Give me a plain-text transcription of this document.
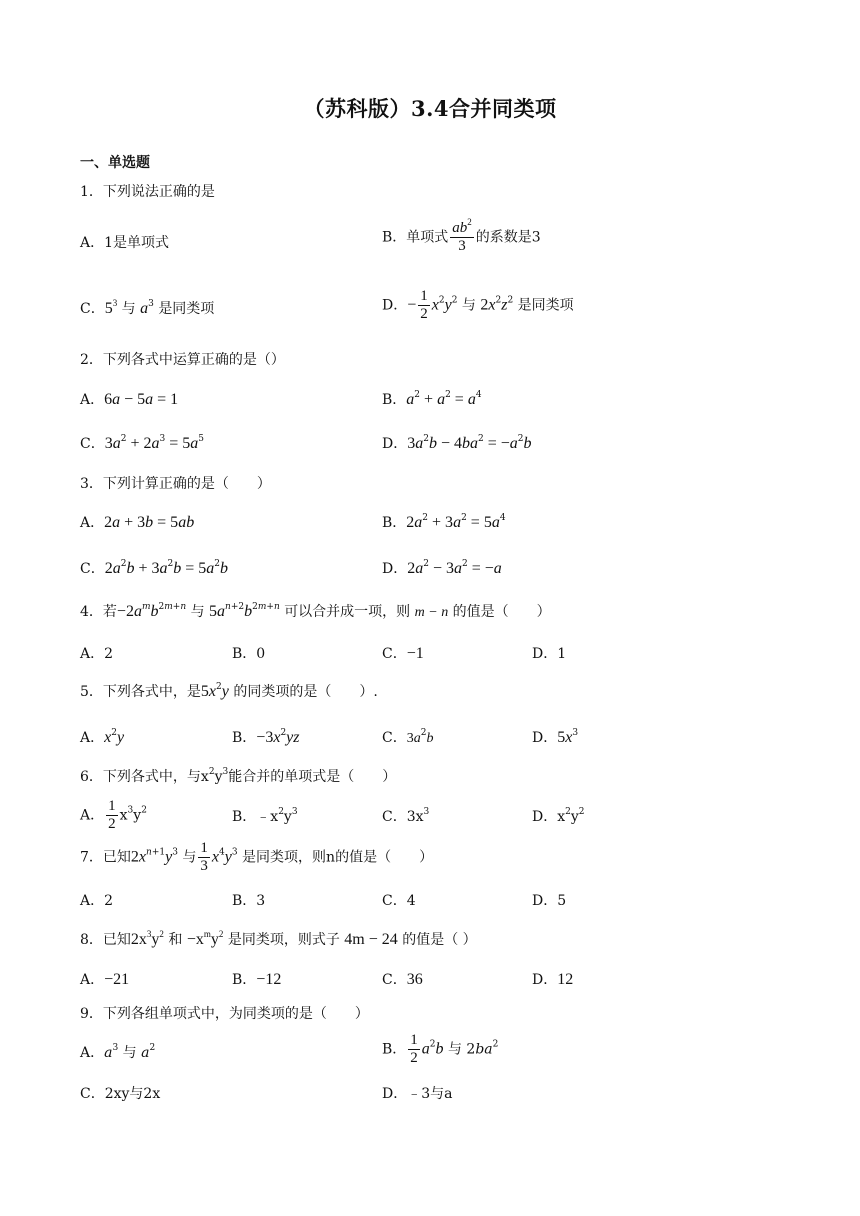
（苏科版）3.4合并同类项
一、单选题
1．下列说法正确的是
A．1是单项式	B．单项式 $\frac{ab^2}{3}$ 的系数是3
C．$5^3$ 与 $a^3$ 是同类项	D．− $\frac{1}{2} x^2y^2$ 与 $2x^2z^2$ 是同类项
2．下列各式中运算正确的是（）
A．6a − 5a = 1	B．$a^2 + a^2 = a^4$
C．$3a^2 + 2a^3 = 5a^5$	D．$3a^2b - 4ba^2 = -a^2b$
3．下列计算正确的是（　　）
A．2a + 3b = 5ab	B．$2a^2 + 3a^2 = 5a^4$
C．$2a^2b + 3a^2b = 5a^2b$	D．$2a^2 - 3a^2 = -a$
4．若$-2a^mb^{2m+n}$ 与 $5a^{n+2}b^{2m+n}$ 可以合并成一项，则 m − n 的值是（　　）
A．2	B．0	C．−1	D．1
5．下列各式中，是$5x^2y$ 的同类项的是（　　）.
A．$x^2y$	B．$-3x^2yz$	C．$3a^2b$	D．$5x^3$
6．下列各式中，与$x^2y^3$能合并的单项式是（　　）
A． $\frac{1}{2} x^3y^2$	B．$﹣x^2y^3$	C．$3x^3$	D．$x^2y^2$
7．已知$2x^{n+1}y^3$ 与 $\frac{1}{3} x^4y^3$ 是同类项，则n的值是（　　）
A．2	B．3	C．4	D．5
8．已知$2x^3y^2$ 和 $-x^my^2$ 是同类项，则式子 4m − 24 的值是（ ）
A．−21	B．−12	C．36	D．12
9．下列各组单项式中，为同类项的是（　　）
A．$a^3$ 与 $a^2$	B． $\frac{1}{2} a^2b$ 与 $2ba^2$
C．2xy与2x	D．﹣3与a
